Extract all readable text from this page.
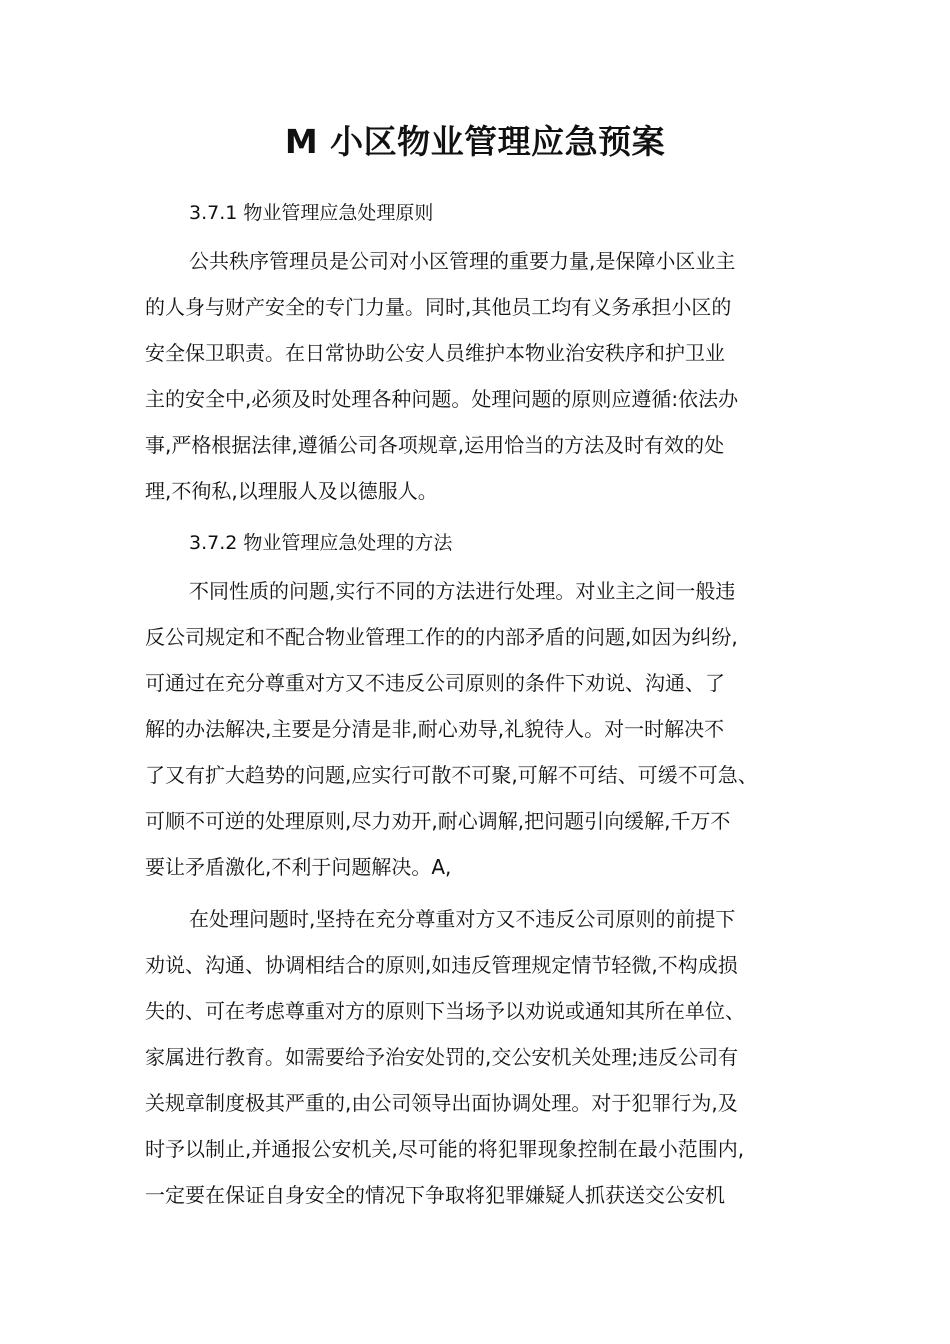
M 小区物业管理应急预案
3.7.1 物业管理应急处理原则
公共秩序管理员是公司对小区管理的重要力量,是保障小区业主
的人身与财产安全的专门力量。同时,其他员工均有义务承担小区的
安全保卫职责。在日常协助公安人员维护本物业治安秩序和护卫业
主的安全中,必须及时处理各种问题。处理问题的原则应遵循:依法办
事,严格根据法律,遵循公司各项规章,运用恰当的方法及时有效的处
理,不徇私,以理服人及以德服人。
3.7.2 物业管理应急处理的方法
不同性质的问题,实行不同的方法进行处理。对业主之间一般违
反公司规定和不配合物业管理工作的的内部矛盾的问题,如因为纠纷,
可通过在充分尊重对方又不违反公司原则的条件下劝说、沟通、了
解的办法解决,主要是分清是非,耐心劝导,礼貌待人。对一时解决不
了又有扩大趋势的问题,应实行可散不可聚,可解不可结、可缓不可急、
可顺不可逆的处理原则,尽力劝开,耐心调解,把问题引向缓解,千万不
要让矛盾激化,不利于问题解决。A,
在处理问题时,坚持在充分尊重对方又不违反公司原则的前提下
劝说、沟通、协调相结合的原则,如违反管理规定情节轻微,不构成损
失的、可在考虑尊重对方的原则下当场予以劝说或通知其所在单位、
家属进行教育。如需要给予治安处罚的,交公安机关处理;违反公司有
关规章制度极其严重的,由公司领导出面协调处理。对于犯罪行为,及
时予以制止,并通报公安机关,尽可能的将犯罪现象控制在最小范围内,
一定要在保证自身安全的情况下争取将犯罪嫌疑人抓获送交公安机
